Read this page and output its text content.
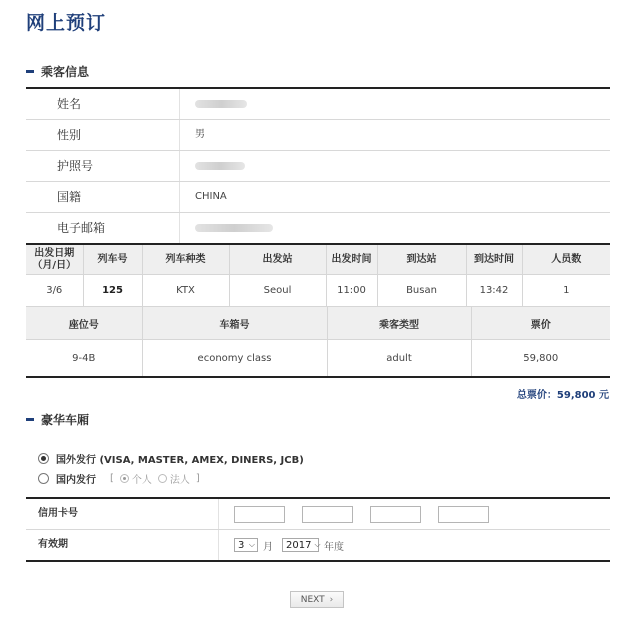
网上预订
乘客信息
姓名
性别	男
护照号
国籍	CHINA
电子邮箱
出发日期
（月/日）	列车号	列车种类	出发站	出发时间	到达站	到达时间	人员数
3/6	125	KTX	Seoul	11:00	Busan	13:42	1
座位号	车箱号	乘客类型	票价
9-4B	economy class	adult	59,800
总票价：59,800 元
豪华车厢
国外发行 (VISA, MASTER, AMEX, DINERS, JCB)
国内发行 [ 个人 法人 ]
信用卡号
有效期	3 ⌵ 月 2017 ⌵ 年度
NEXT ›
